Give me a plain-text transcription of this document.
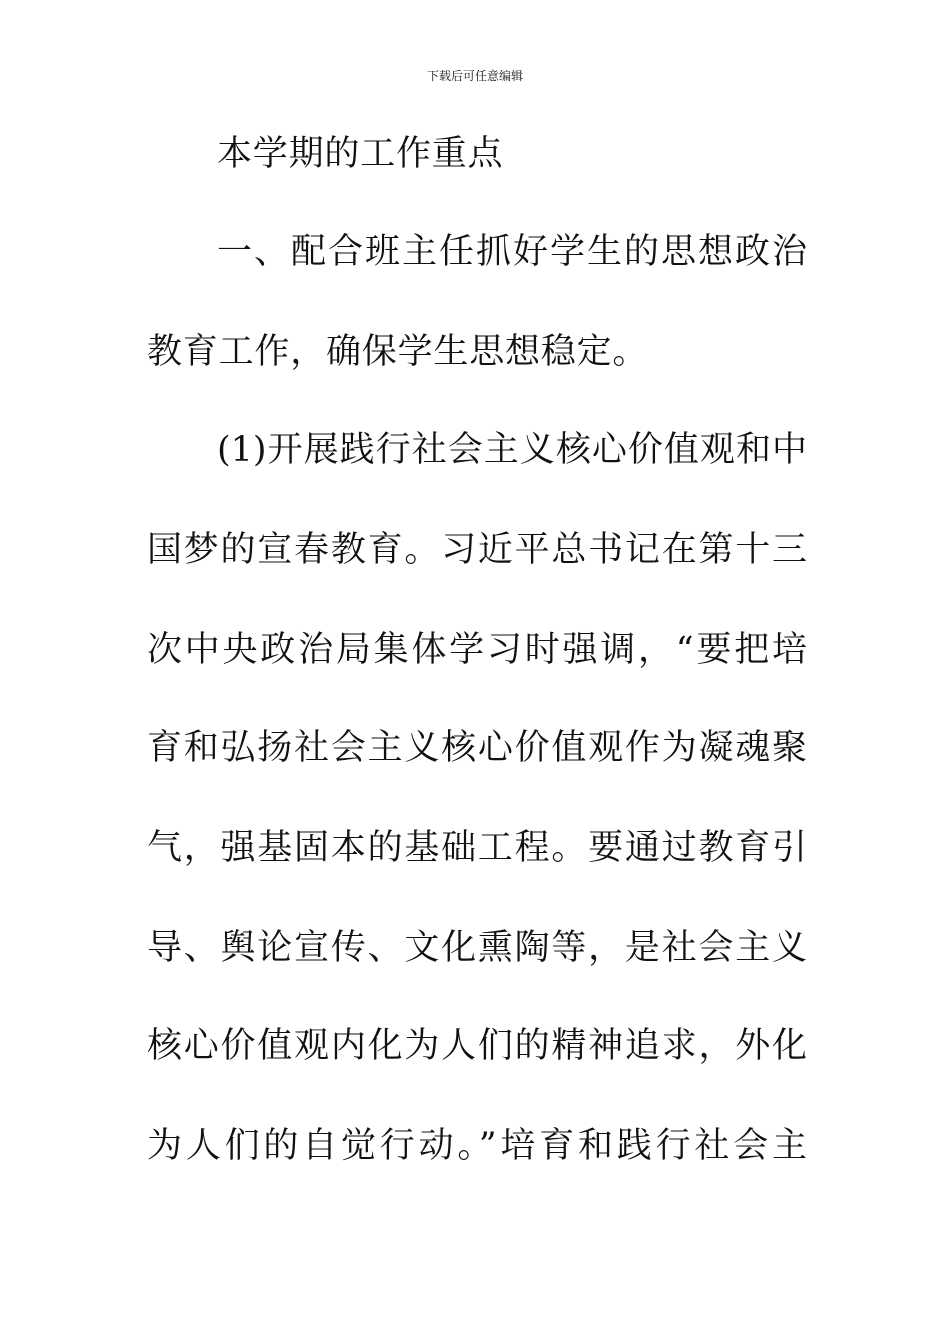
下载后可任意编辑
本学期的工作重点
一、配合班主任抓好学生的思想政治
教育工作，确保学生思想稳定。
(1)开展践行社会主义核心价值观和中
国梦的宣春教育。习近平总书记在第十三
次中央政治局集体学习时强调，“要把培
育和弘扬社会主义核心价值观作为凝魂聚
气，强基固本的基础工程。要通过教育引
导、舆论宣传、文化熏陶等，是社会主义
核心价值观内化为人们的精神追求，外化
为人们的自觉行动。”培育和践行社会主
